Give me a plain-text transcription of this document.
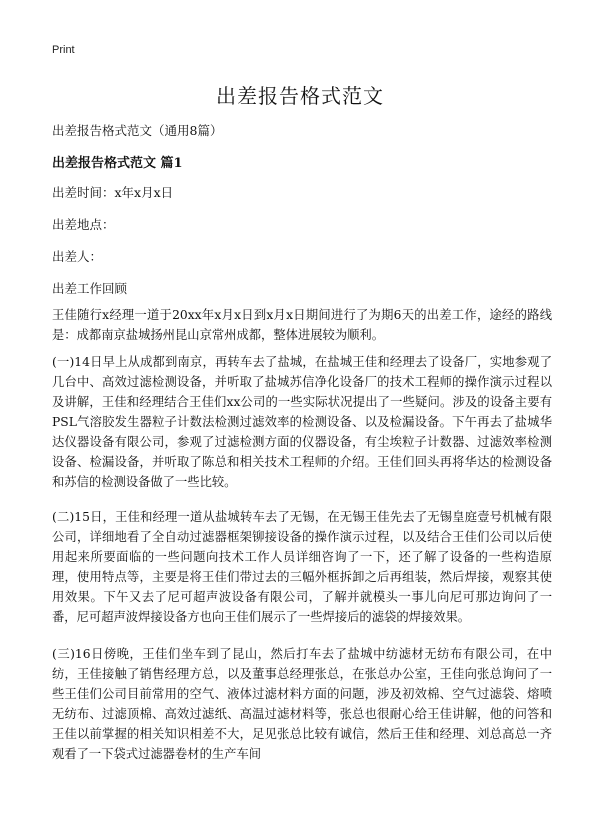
Print
出差报告格式范文
出差报告格式范文（通用8篇）
出差报告格式范文 篇1
出差时间：x年x月x日
出差地点：
出差人：
出差工作回顾

王佳随行x经理一道于20xx年x月x日到x月x日期间进行了为期6天的出差工作，途经的路线是：成都南京盐城扬州昆山京常州成都，整体进展较为顺利。

(一)14日早上从成都到南京，再转车去了盐城，在盐城王佳和经理去了设备厂，实地参观了几台中、高效过滤检测设备，并听取了盐城苏信净化设备厂的技术工程师的操作演示过程以及讲解，王佳和经理结合王佳们xx公司的一些实际状况提出了一些疑问。涉及的设备主要有PSL气溶胶发生器粒子计数法检测过滤效率的检测设备、以及检漏设备。下午再去了盐城华达仪器设备有限公司，参观了过滤检测方面的仪器设备，有尘埃粒子计数器、过滤效率检测设备、检漏设备，并听取了陈总和相关技术工程师的介绍。王佳们回头再将华达的检测设备和苏信的检测设备做了一些比较。

(二)15日，王佳和经理一道从盐城转车去了无锡，在无锡王佳先去了无锡皇庭壹号机械有限公司，详细地看了全自动过滤器框架铆接设备的操作演示过程，以及结合王佳们公司以后使用起来所要面临的一些问题向技术工作人员详细咨询了一下，还了解了设备的一些构造原理，使用特点等，主要是将王佳们带过去的三幅外框拆卸之后再组装，然后焊接，观察其使用效果。下午又去了尼可超声波设备有限公司，了解并就模头一事儿向尼可那边询问了一番，尼可超声波焊接设备方也向王佳们展示了一些焊接后的滤袋的焊接效果。

(三)16日傍晚，王佳们坐车到了昆山，然后打车去了盐城中纺滤材无纺布有限公司，在中纺，王佳接触了销售经理方总，以及董事总经理张总，在张总办公室，王佳向张总询问了一些王佳们公司目前常用的空气、液体过滤材料方面的问题，涉及初效棉、空气过滤袋、熔喷无纺布、过滤顶棉、高效过滤纸、高温过滤材料等，张总也很耐心给王佳讲解，他的问答和王佳以前掌握的相关知识相差不大，足见张总比较有诚信，然后王佳和经理、刘总高总一齐观看了一下袋式过滤器卷材的生产车间
